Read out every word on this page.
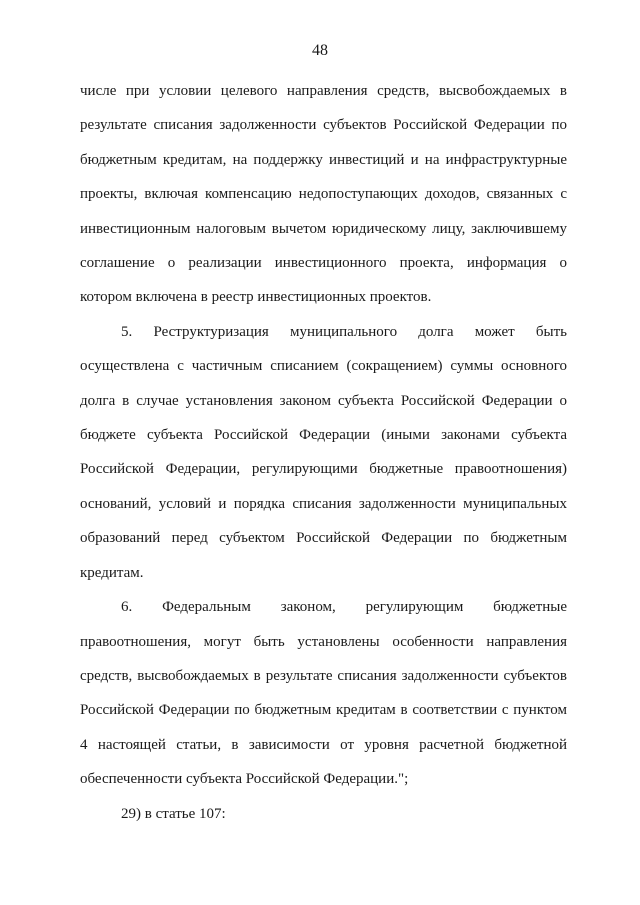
48

числе при условии целевого направления средств, высвобождаемых в
результате списания задолженности субъектов Российской Федерации по
бюджетным кредитам, на поддержку инвестиций и на инфраструктурные
проекты, включая компенсацию недопоступающих доходов, связанных с
инвестиционным налоговым вычетом юридическому лицу, заключившему
соглашение о реализации инвестиционного проекта, информация о
котором включена в реестр инвестиционных проектов.

5. Реструктуризация муниципального долга может быть
осуществлена с частичным списанием (сокращением) суммы основного
долга в случае установления законом субъекта Российской Федерации о
бюджете субъекта Российской Федерации (иными законами субъекта
Российской Федерации, регулирующими бюджетные правоотношения)
оснований, условий и порядка списания задолженности муниципальных
образований перед субъектом Российской Федерации по бюджетным
кредитам.

6. Федеральным законом, регулирующим бюджетные
правоотношения, могут быть установлены особенности направления
средств, высвобождаемых в результате списания задолженности субъектов
Российской Федерации по бюджетным кредитам в соответствии с пунктом
4 настоящей статьи, в зависимости от уровня расчетной бюджетной
обеспеченности субъекта Российской Федерации.";

29) в статье 107:
